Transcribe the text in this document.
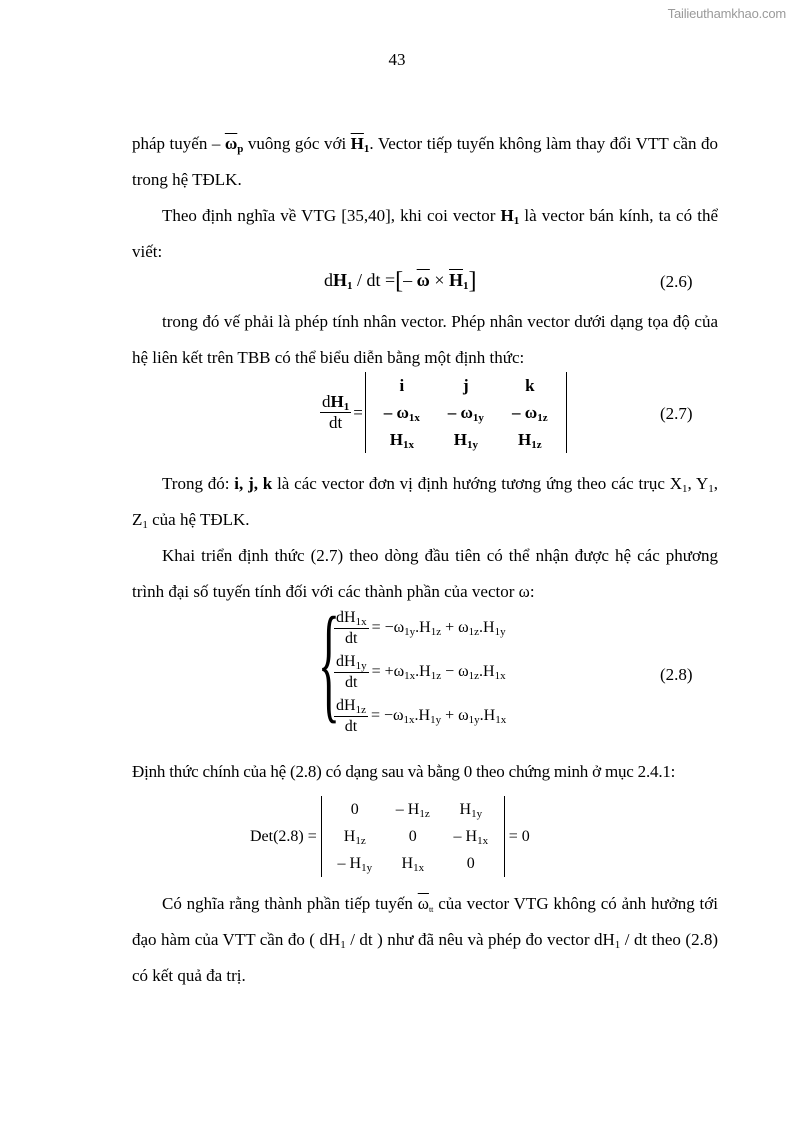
Tailieuthamkhao.com
43
pháp tuyến – $\overline{\omega}_p$ vuông góc với $\overline{H}_1$. Vector tiếp tuyến không làm thay đổi VTT cần đo trong hệ TĐLK.
Theo định nghĩa về VTG [35,40], khi coi vector $H_1$ là vector bán kính, ta có thể viết:
$dH_1$ / dt =[– $\overline{\omega} \times \overline{H}_1$]	(2.6)
trong đó vế phải là phép tính nhân vector. Phép nhân vector dưới dạng tọa độ của hệ liên kết trên TBB có thể biểu diễn bằng một định thức:
$\frac{dH_1}{dt}$ =
i	j	k
– $\omega_{1x}$	– $\omega_{1y}$	– $\omega_{1z}$
$H_{1x}$	$H_{1y}$	$H_{1z}$
(2.7)
Trong đó: i, j, k là các vector đơn vị định hướng tương ứng theo các trục $X_1$, $Y_1$, $Z_1$ của hệ TĐLK.
Khai triển định thức (2.7) theo dòng đầu tiên có thể nhận được hệ các phương trình đại số tuyến tính đối với các thành phần của vector ω:
{
$\frac{dH_{1x}}{dt} = -\omega_{1y}.H_{1z} + \omega_{1z}.H_{1y}$
$\frac{dH_{1y}}{dt} = +\omega_{1x}.H_{1z} - \omega_{1z}.H_{1x}$
$\frac{dH_{1z}}{dt} = -\omega_{1x}.H_{1y} + \omega_{1y}.H_{1x}$
(2.8)
Định thức chính của hệ (2.8) có dạng sau và bằng 0 theo chứng minh ở mục 2.4.1:
Det(2.8) =
0	– $H_{1z}$	$H_{1y}$
$H_{1z}$	0	– $H_{1x}$
– $H_{1y}$	$H_{1x}$	0
= 0
Có nghĩa rằng thành phần tiếp tuyến $\overline{\omega}_{tt}$ của vector VTG không có ảnh hưởng tới đạo hàm của VTT cần đo ( $dH_1$ / dt ) như đã nêu và phép đo vector $dH_1$ / dt theo (2.8) có kết quả đa trị.
